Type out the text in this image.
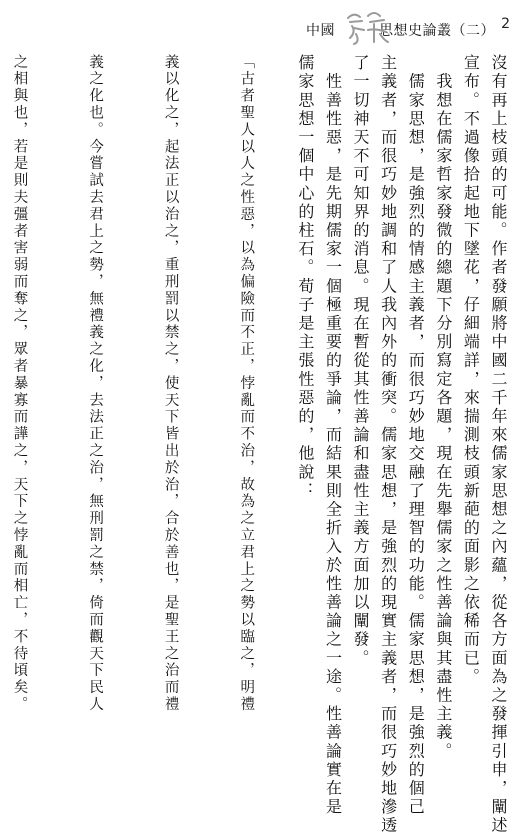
中國	思想史論叢（二） 2

沒有再上枝頭的可能。作者發願將中國二千年來儒家思想之內蘊，從各方面為之發揮引申，闡述

宣布。不過像拾起地下墜花，仔細端詳，來揣測枝頭新葩的面影之依稀而已。

　我想在儒家哲家發微的總題下分別寫定各題，現在先舉儒家之性善論與其盡性主義。

　儒家思想，是強烈的情感主義者，而很巧妙地交融了理智的功能。儒家思想，是強烈的個己

主義者，而很巧妙地調和了人我內外的衝突。儒家思想，是強烈的現實主義者，而很巧妙地滲透

了一切神天不可知界的消息。現在暫從其性善論和盡性主義方面加以闡發。

　性善性惡，是先期儒家一個極重要的爭論，而結果則全折入於性善論之一途。性善論實在是

儒家思想一個中心的柱石。荀子是主張性惡的，他說：

「古者聖人以人之性惡，以為偏險而不正，悖亂而不治，故為之立君上之勢以臨之，明禮

義以化之，起法正以治之，重刑罰以禁之，使天下皆出於治，合於善也，是聖王之治而禮

義之化也。今嘗試去君上之勢，無禮義之化，去法正之治，無刑罰之禁，倚而觀天下民人

之相與也，若是則夫彊者害弱而奪之，眾者暴寡而譁之，天下之悖亂而相亡，不待頃矣。
